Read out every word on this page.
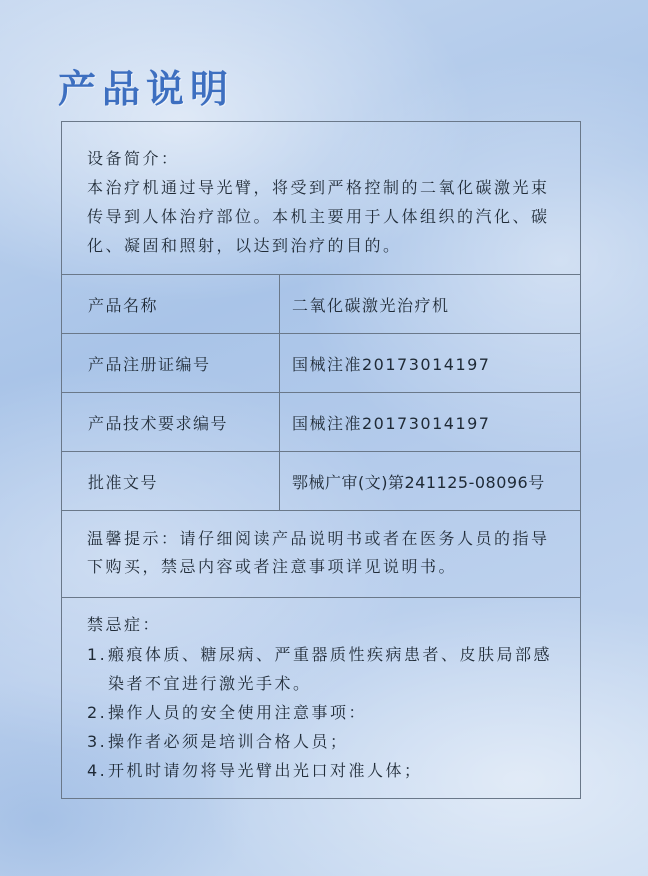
产品说明
设备简介：
本治疗机通过导光臂，将受到严格控制的二氧化碳激光束传导到人体治疗部位。本机主要用于人体组织的汽化、碳化、凝固和照射，以达到治疗的目的。
产品名称	二氧化碳激光治疗机
产品注册证编号	国械注准20173014197
产品技术要求编号	国械注准20173014197
批准文号	鄂械广审(文)第241125-08096号
温馨提示：请仔细阅读产品说明书或者在医务人员的指导下购买，禁忌内容或者注意事项详见说明书。
禁忌症：
1. 瘢痕体质、糖尿病、严重器质性疾病患者、皮肤局部感染者不宜进行激光手术。
2. 操作人员的安全使用注意事项：
3. 操作者必须是培训合格人员；
4. 开机时请勿将导光臂出光口对准人体；
